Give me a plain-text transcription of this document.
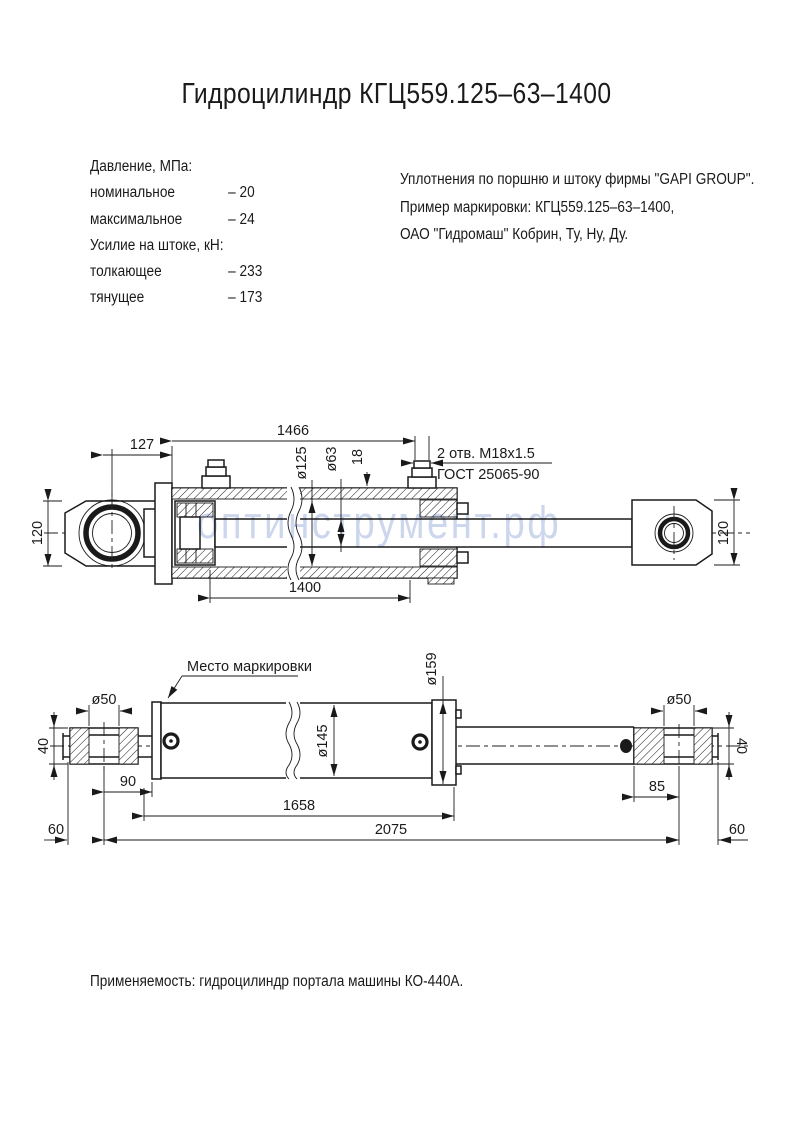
Гидроцилиндр КГЦ559.125–63–1400
Давление, МПа:
номинальное	– 20
максимальное	– 24
Усилие на штоке, кН:
толкающее	– 233
тянущее	– 173
Уплотнения по поршню и штоку фирмы "GAPI GROUP".
Пример маркировки: КГЦ559.125–63–1400,
ОАО "Гидромаш" Кобрин, Ту, Ну, Ду.
127
1466
2 отв. M18x1.5
ГОСТ 25065-90
ø125 ø63 18
120	120
1400
Место маркировки
ø50
40
90
ø145
ø159
ø50
40
85
1658
2075
60	60
оптинструмент.рф
Применяемость: гидроцилиндр портала машины КО-440А.
